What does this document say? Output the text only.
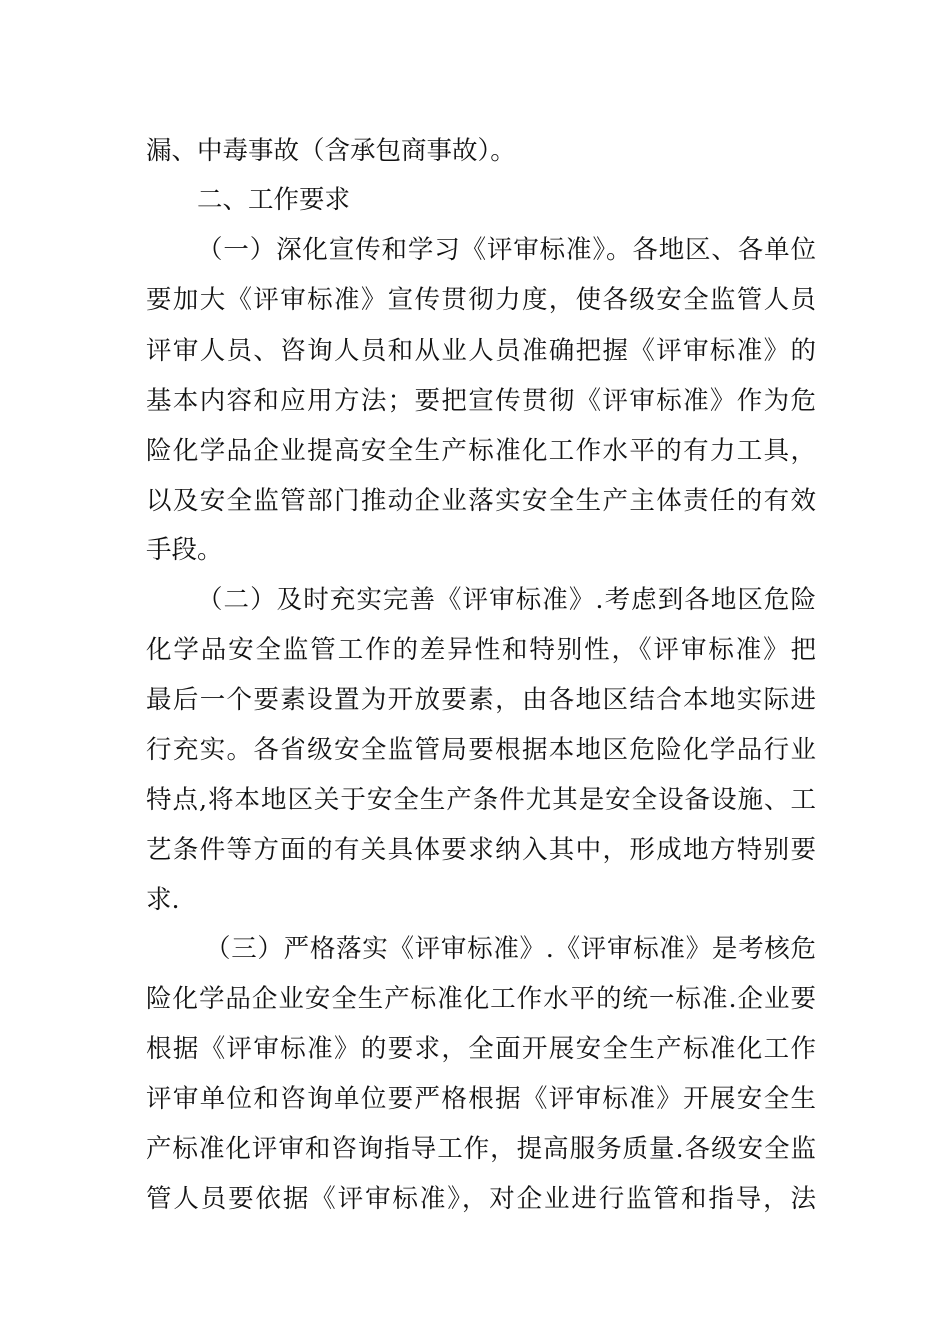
漏、中毒事故（含承包商事故）。
二、工作要求
（一）深化宣传和学习《评审标准》。各地区、各单位
要加大《评审标准》宣传贯彻力度，使各级安全监管人员
评审人员、咨询人员和从业人员准确把握《评审标准》的
基本内容和应用方法；要把宣传贯彻《评审标准》作为危
险化学品企业提高安全生产标准化工作水平的有力工具，
以及安全监管部门推动企业落实安全生产主体责任的有效
手段。
（二）及时充实完善《评审标准》.考虑到各地区危险
化学品安全监管工作的差异性和特别性，《评审标准》把
最后一个要素设置为开放要素，由各地区结合本地实际进
行充实。各省级安全监管局要根据本地区危险化学品行业
特点,将本地区关于安全生产条件尤其是安全设备设施、工
艺条件等方面的有关具体要求纳入其中，形成地方特别要
求.
（三）严格落实《评审标准》.《评审标准》是考核危
险化学品企业安全生产标准化工作水平的统一标准.企业要
根据《评审标准》的要求，全面开展安全生产标准化工作
评审单位和咨询单位要严格根据《评审标准》开展安全生
产标准化评审和咨询指导工作，提高服务质量.各级安全监
管人员要依据《评审标准》，对企业进行监管和指导，法
